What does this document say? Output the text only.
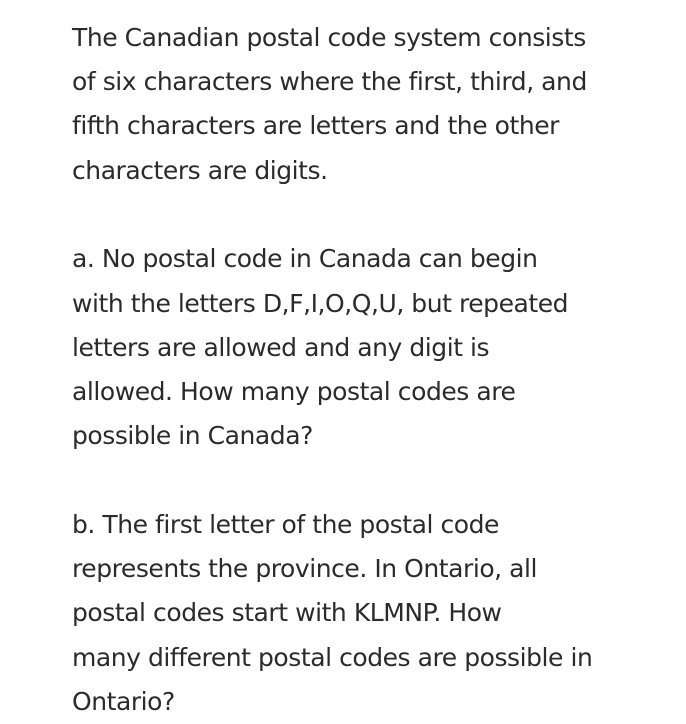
The Canadian postal code system consists
of six characters where the first, third, and
fifth characters are letters and the other
characters are digits.

a. No postal code in Canada can begin
with the letters D,F,I,O,Q,U, but repeated
letters are allowed and any digit is
allowed. How many postal codes are
possible in Canada?

b. The first letter of the postal code
represents the province. In Ontario, all
postal codes start with KLMNP. How
many different postal codes are possible in
Ontario?
